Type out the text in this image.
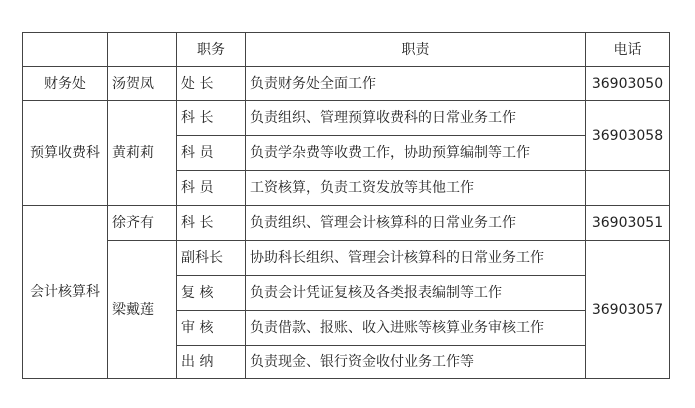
		职务	职责	电话
财务处	汤贺凤	处 长	负责财务处全面工作	36903050
预算收费科	黄莉莉	科 长	负责组织、管理预算收费科的日常业务工作	36903058
		科 员	负责学杂费等收费工作，协助预算编制等工作	
		科 员	工资核算，负责工资发放等其他工作	
会计核算科	徐齐有	科 长	负责组织、管理会计核算科的日常业务工作	36903051
	梁戴莲	副科长	协助科长组织、管理会计核算科的日常业务工作	36903057
		复 核	负责会计凭证复核及各类报表编制等工作	
		审 核	负责借款、报账、收入进账等核算业务审核工作	
		出 纳	负责现金、银行资金收付业务工作等	
